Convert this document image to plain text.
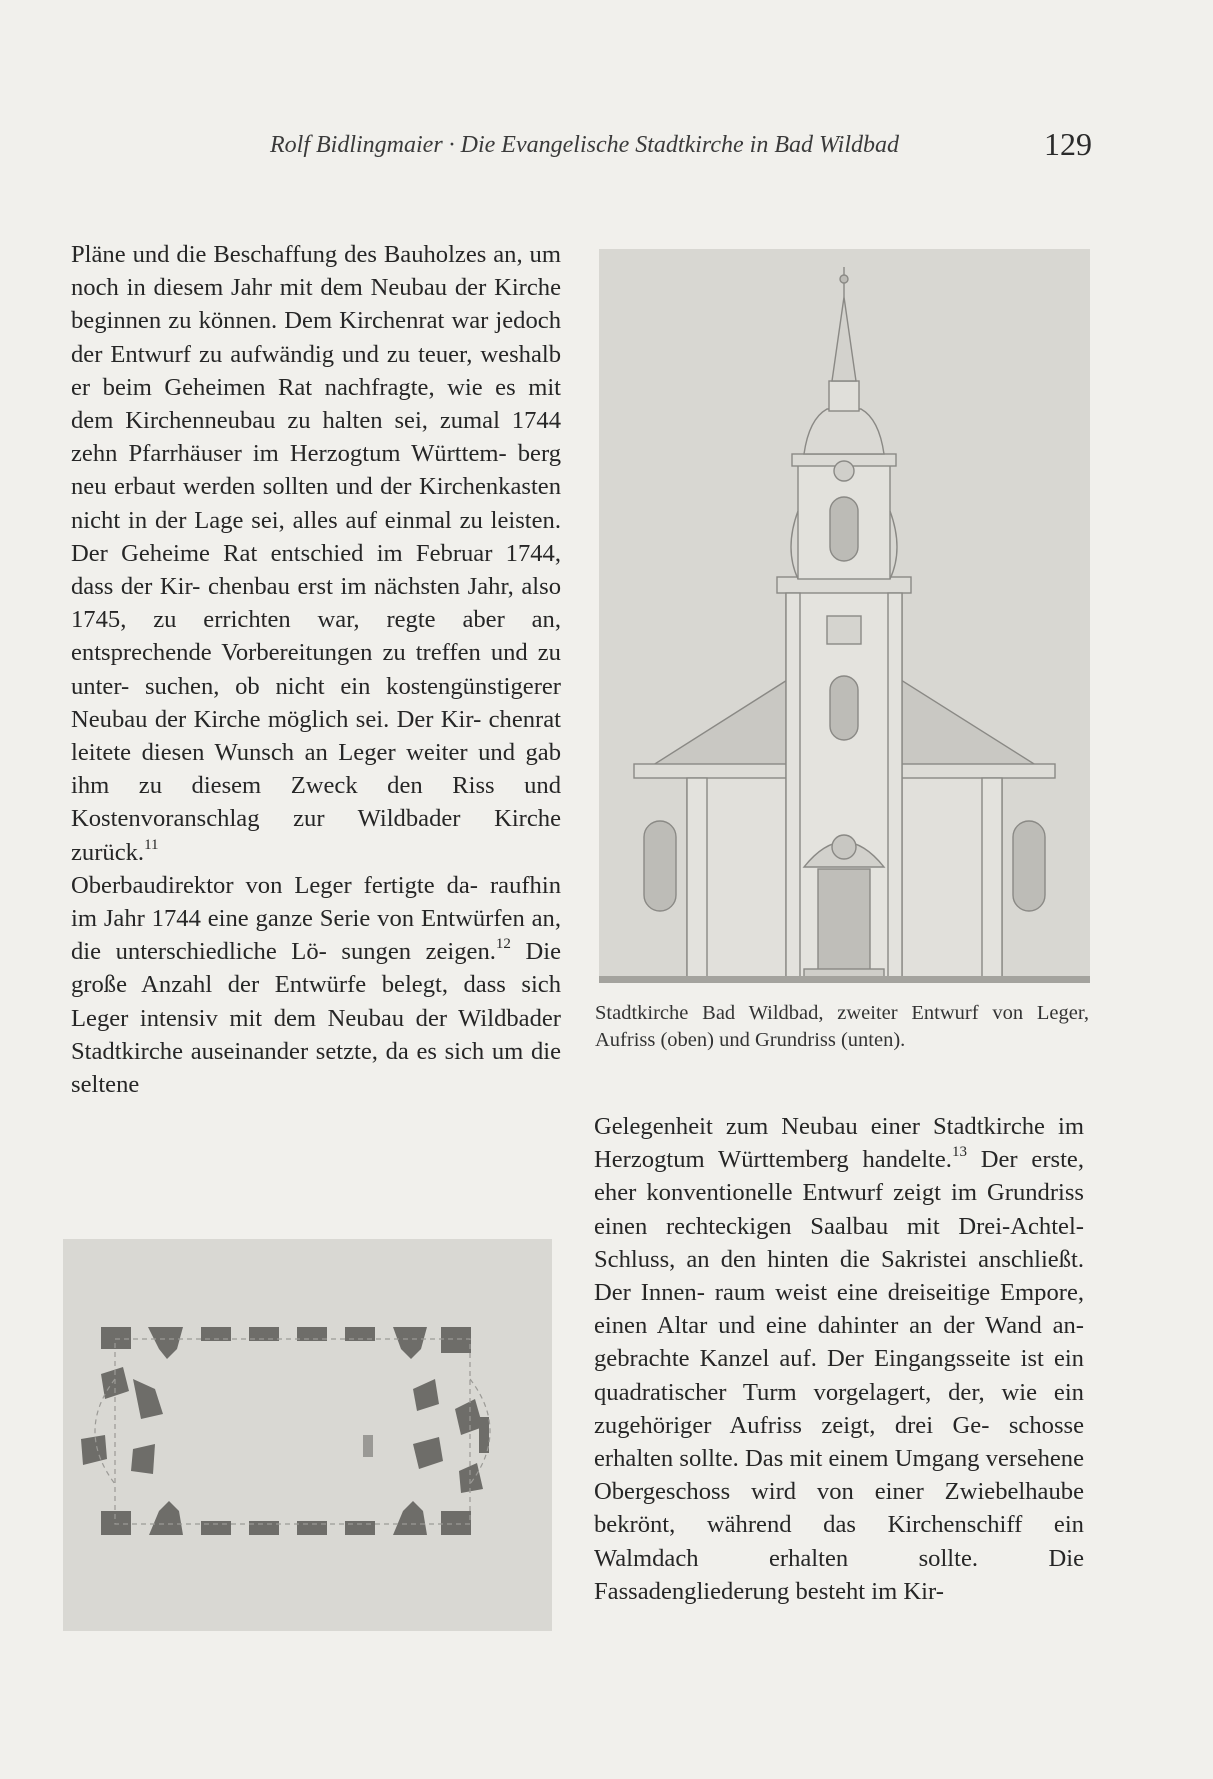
Rolf Bidlingmaier · Die Evangelische Stadtkirche in Bad Wildbad	129

Pläne und die Beschaffung des Bauholzes an, um noch in diesem Jahr mit dem Neubau der Kirche beginnen zu können. Dem Kirchenrat war jedoch der Entwurf zu aufwändig und zu teuer, weshalb er beim Geheimen Rat nachfragte, wie es mit dem Kirchenneubau zu halten sei, zumal 1744 zehn Pfarrhäuser im Herzogtum Württem- berg neu erbaut werden sollten und der Kirchenkasten nicht in der Lage sei, alles auf einmal zu leisten. Der Geheime Rat entschied im Februar 1744, dass der Kir- chenbau erst im nächsten Jahr, also 1745, zu errichten war, regte aber an, entsprechende Vorbereitungen zu treffen und zu unter- suchen, ob nicht ein kostengünstigerer Neubau der Kirche möglich sei. Der Kir- chenrat leitete diesen Wunsch an Leger weiter und gab ihm zu diesem Zweck den Riss und Kostenvoranschlag zur Wildbader Kirche zurück.$^{11}$

Oberbaudirektor von Leger fertigte da- raufhin im Jahr 1744 eine ganze Serie von Entwürfen an, die unterschiedliche Lö- sungen zeigen.$^{12}$ Die große Anzahl der Entwürfe belegt, dass sich Leger intensiv mit dem Neubau der Wildbader Stadtkirche auseinander setzte, da es sich um die seltene

Stadtkirche Bad Wildbad, zweiter Entwurf von Leger, Aufriss (oben) und Grundriss (unten).

Gelegenheit zum Neubau einer Stadtkirche im Herzogtum Württemberg handelte.$^{13}$ Der erste, eher konventionelle Entwurf zeigt im Grundriss einen rechteckigen Saalbau mit Drei-Achtel-Schluss, an den hinten die Sakristei anschließt. Der Innen- raum weist eine dreiseitige Empore, einen Altar und eine dahinter an der Wand an- gebrachte Kanzel auf. Der Eingangsseite ist ein quadratischer Turm vorgelagert, der, wie ein zugehöriger Aufriss zeigt, drei Ge- schosse erhalten sollte. Das mit einem Umgang versehene Obergeschoss wird von einer Zwiebelhaube bekrönt, während das Kirchenschiff ein Walmdach erhalten sollte.	Die Fassadengliederung besteht im Kir-
